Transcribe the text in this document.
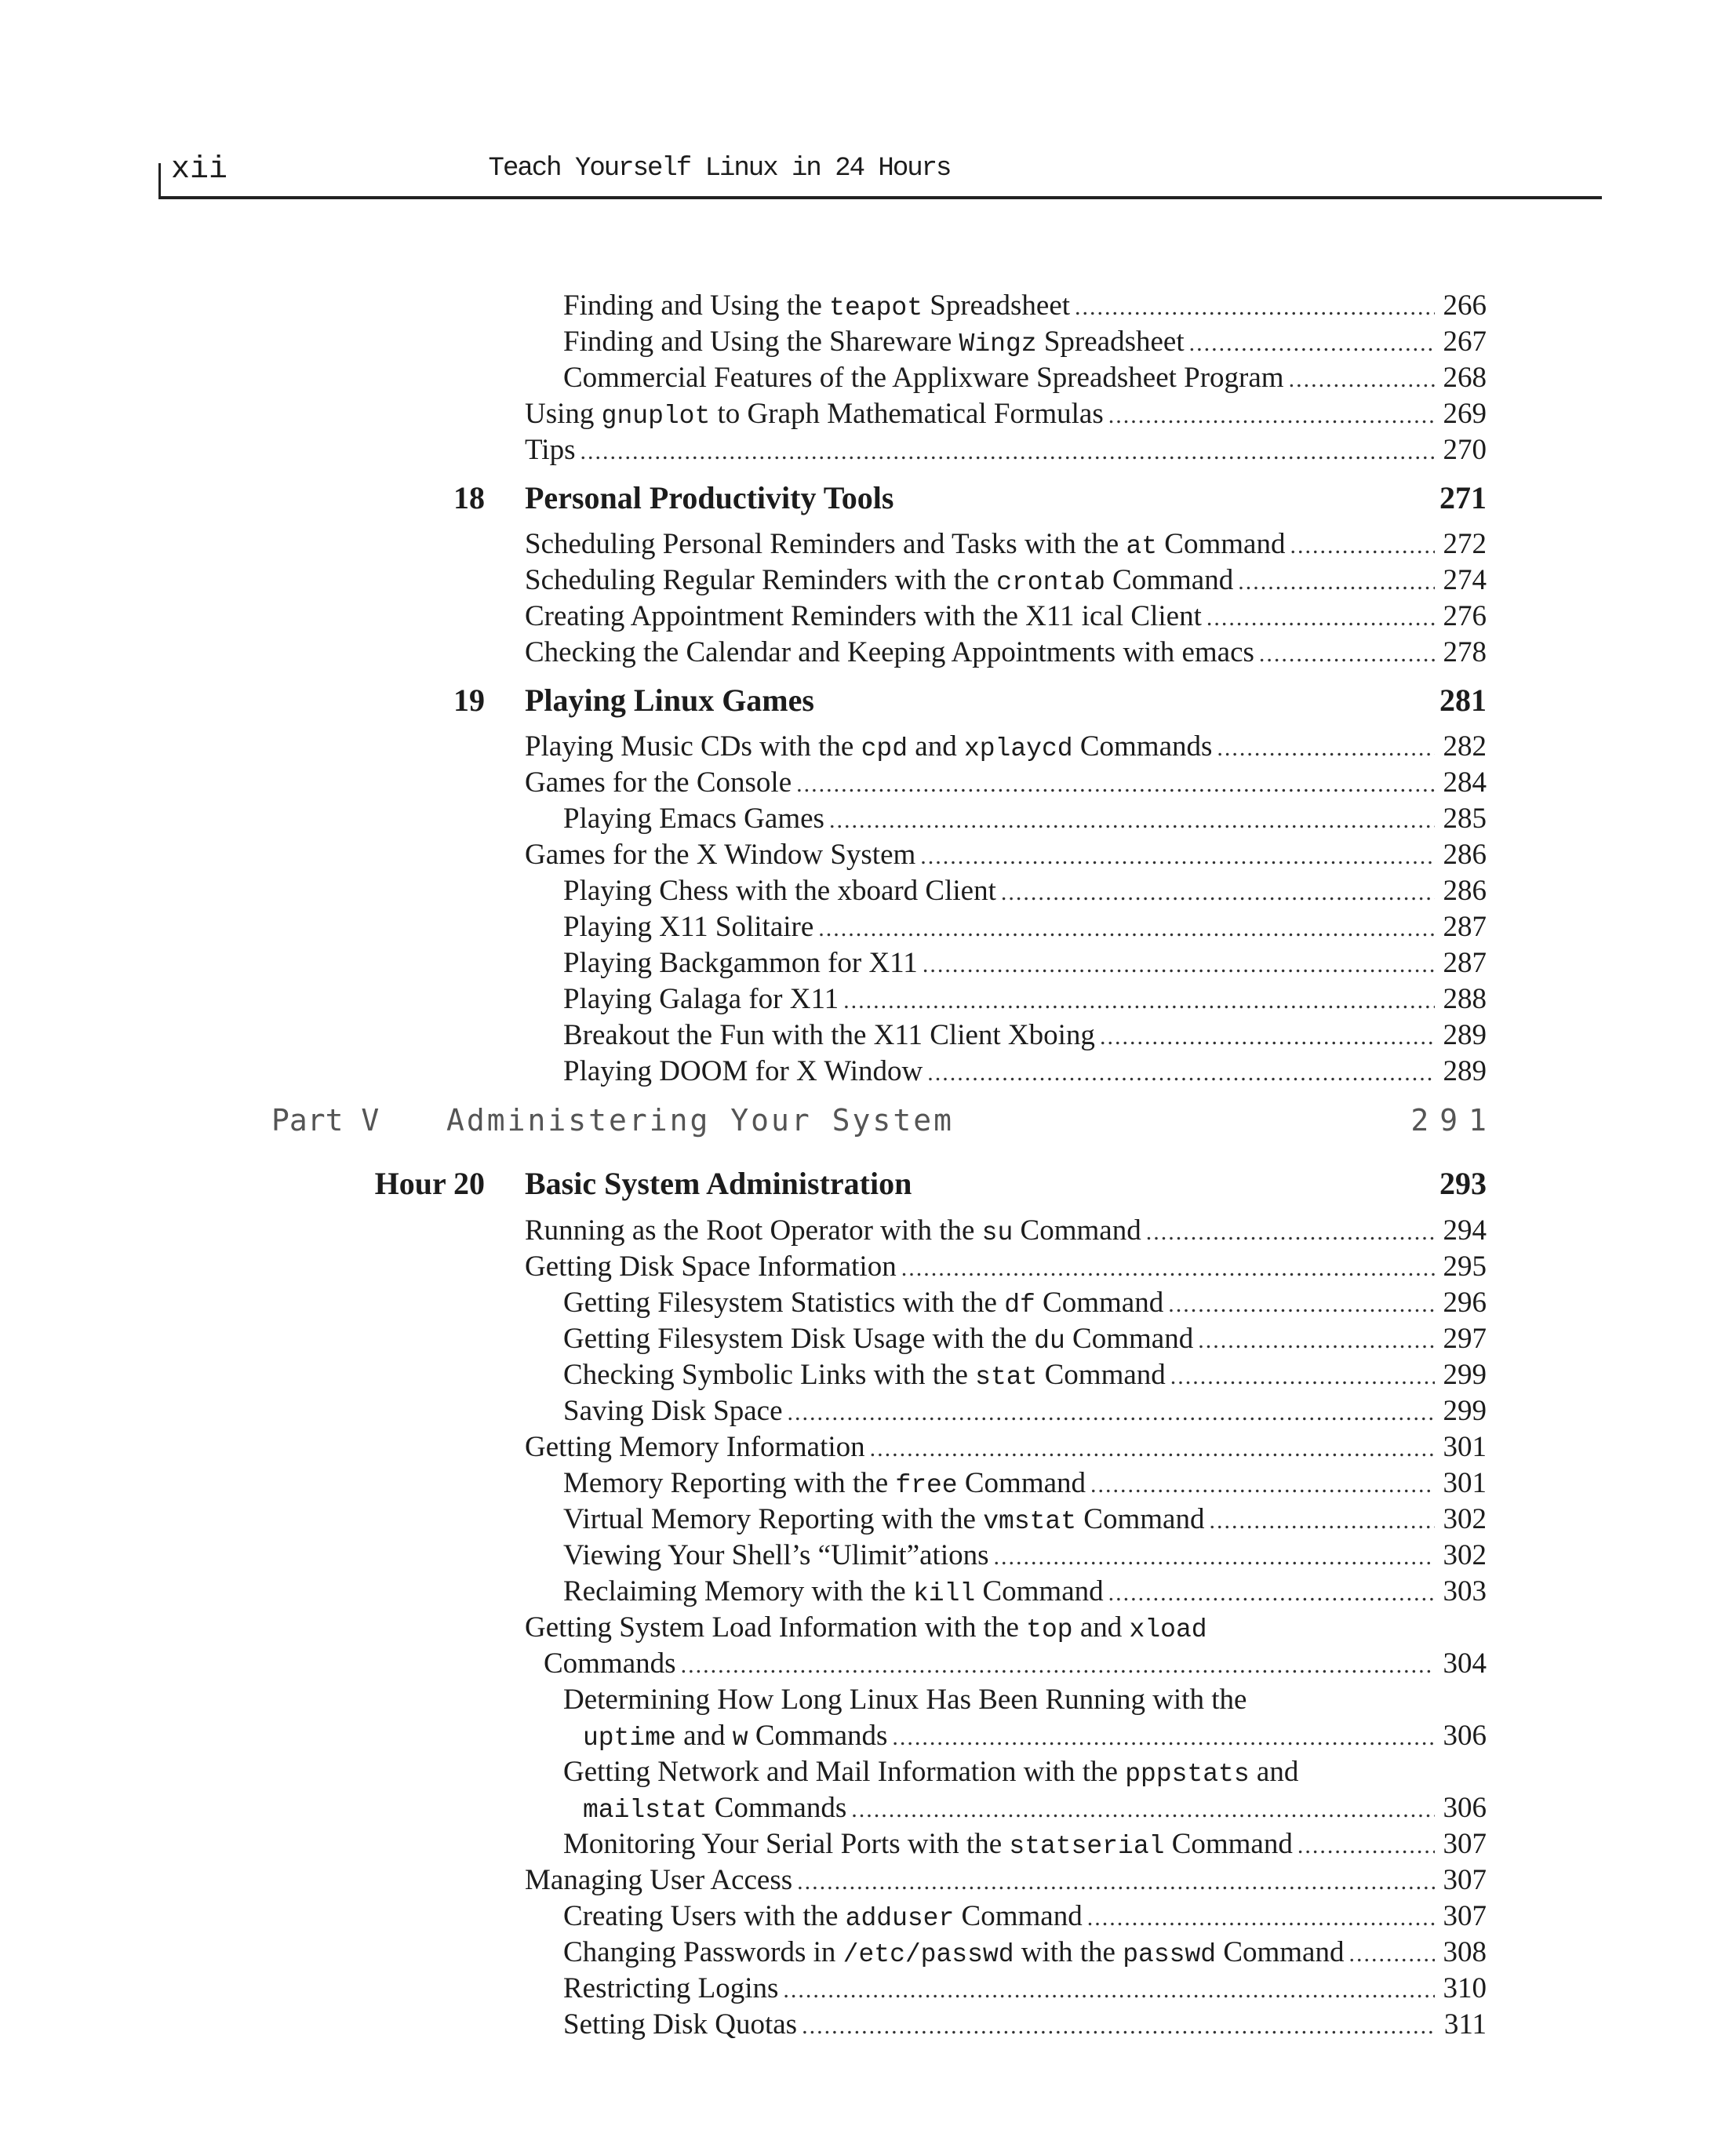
xii	Teach Yourself Linux in 24 Hours
Finding and Using the teapot Spreadsheet .....	266
Finding and Using the Shareware Wingz Spreadsheet .....	267
Commercial Features of the Applixware Spreadsheet Program .....	268
Using gnuplot to Graph Mathematical Formulas .....	269
Tips .....	270
18 Personal Productivity Tools	271
Scheduling Personal Reminders and Tasks with the at Command .....	272
Scheduling Regular Reminders with the crontab Command .....	274
Creating Appointment Reminders with the X11 ical Client .....	276
Checking the Calendar and Keeping Appointments with emacs .....	278
19 Playing Linux Games	281
Playing Music CDs with the cpd and xplaycd Commands .....	282
Games for the Console .....	284
Playing Emacs Games .....	285
Games for the X Window System .....	286
Playing Chess with the xboard Client .....	286
Playing X11 Solitaire .....	287
Playing Backgammon for X11 .....	287
Playing Galaga for X11 .....	288
Breakout the Fun with the X11 Client Xboing .....	289
Playing DOOM for X Window .....	289
Part V Administering Your System	291
Hour 20 Basic System Administration	293
Running as the Root Operator with the su Command .....	294
Getting Disk Space Information .....	295
Getting Filesystem Statistics with the df Command .....	296
Getting Filesystem Disk Usage with the du Command .....	297
Checking Symbolic Links with the stat Command .....	299
Saving Disk Space .....	299
Getting Memory Information .....	301
Memory Reporting with the free Command .....	301
Virtual Memory Reporting with the vmstat Command .....	302
Viewing Your Shell’s “Ulimit”ations .....	302
Reclaiming Memory with the kill Command .....	303
Getting System Load Information with the top and xload
Commands .....	304
Determining How Long Linux Has Been Running with the
uptime and w Commands .....	306
Getting Network and Mail Information with the pppstats and
mailstat Commands .....	306
Monitoring Your Serial Ports with the statserial Command .....	307
Managing User Access .....	307
Creating Users with the adduser Command .....	307
Changing Passwords in /etc/passwd with the passwd Command .....	308
Restricting Logins .....	310
Setting Disk Quotas .....	311
